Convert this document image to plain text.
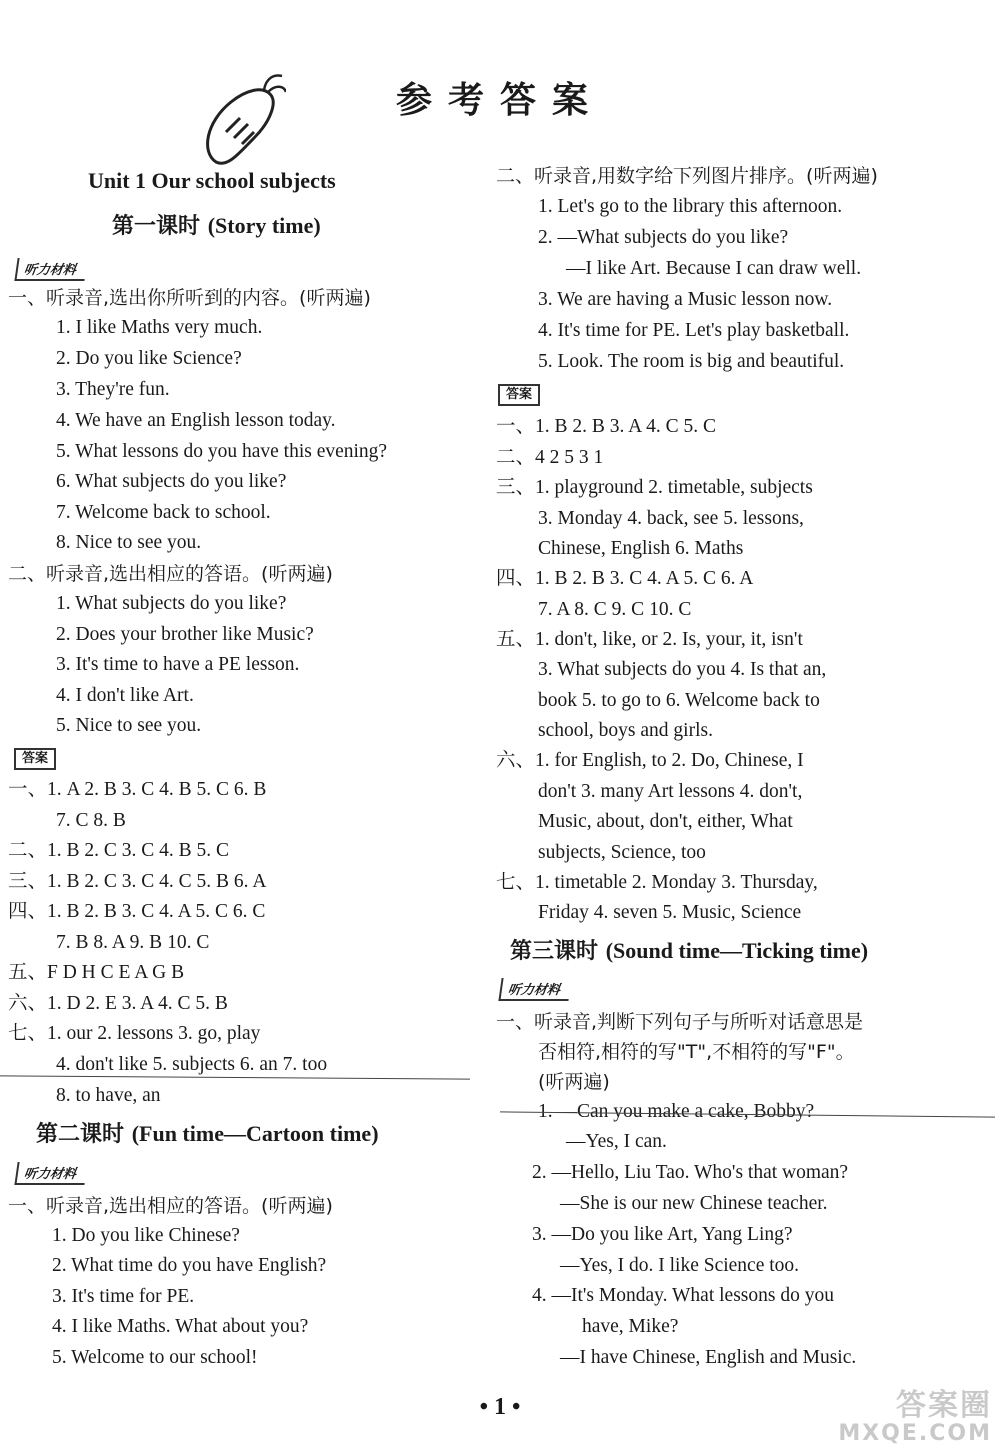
参考答案
Unit 1 Our school subjects
第一课时 (Story time)
听力材料
一、听录音,选出你所听到的内容。(听两遍)
1. I like Maths very much.
2. Do you like Science?
3. They're fun.
4. We have an English lesson today.
5. What lessons do you have this evening?
6. What subjects do you like?
7. Welcome back to school.
8. Nice to see you.
二、听录音,选出相应的答语。(听两遍)
1. What subjects do you like?
2. Does your brother like Music?
3. It's time to have a PE lesson.
4. I don't like Art.
5. Nice to see you.
答案
一、1. A 2. B 3. C 4. B 5. C 6. B
7. C 8. B
二、1. B 2. C 3. C 4. B 5. C
三、1. B 2. C 3. C 4. C 5. B 6. A
四、1. B 2. B 3. C 4. A 5. C 6. C
7. B 8. A 9. B 10. C
五、F D H C E A G B
六、1. D 2. E 3. A 4. C 5. B
七、1. our 2. lessons 3. go, play
4. don't like 5. subjects 6. an 7. too
8. to have, an
第二课时 (Fun time—Cartoon time)
听力材料
一、听录音,选出相应的答语。(听两遍)
1. Do you like Chinese?
2. What time do you have English?
3. It's time for PE.
4. I like Maths. What about you?
5. Welcome to our school!
二、听录音,用数字给下列图片排序。(听两遍)
1. Let's go to the library this afternoon.
2. —What subjects do you like?
—I like Art. Because I can draw well.
3. We are having a Music lesson now.
4. It's time for PE. Let's play basketball.
5. Look. The room is big and beautiful.
答案
一、1. B 2. B 3. A 4. C 5. C
二、4 2 5 3 1
三、1. playground 2. timetable, subjects
3. Monday 4. back, see 5. lessons,
Chinese, English 6. Maths
四、1. B 2. B 3. C 4. A 5. C 6. A
7. A 8. C 9. C 10. C
五、1. don't, like, or 2. Is, your, it, isn't
3. What subjects do you 4. Is that an,
book 5. to go to 6. Welcome back to
school, boys and girls.
六、1. for English, to 2. Do, Chinese, I
don't 3. many Art lessons 4. don't,
Music, about, don't, either, What
subjects, Science, too
七、1. timetable 2. Monday 3. Thursday,
Friday 4. seven 5. Music, Science
第三课时 (Sound time—Ticking time)
听力材料
一、听录音,判断下列句子与所听对话意思是
否相符,相符的写"T",不相符的写"F"。
(听两遍)
1. —Can you make a cake, Bobby?
—Yes, I can.
2. —Hello, Liu Tao. Who's that woman?
—She is our new Chinese teacher.
3. —Do you like Art, Yang Ling?
—Yes, I do. I like Science too.
4. —It's Monday. What lessons do you
have, Mike?
—I have Chinese, English and Music.
• 1 •	答案圈
MXQE.COM
